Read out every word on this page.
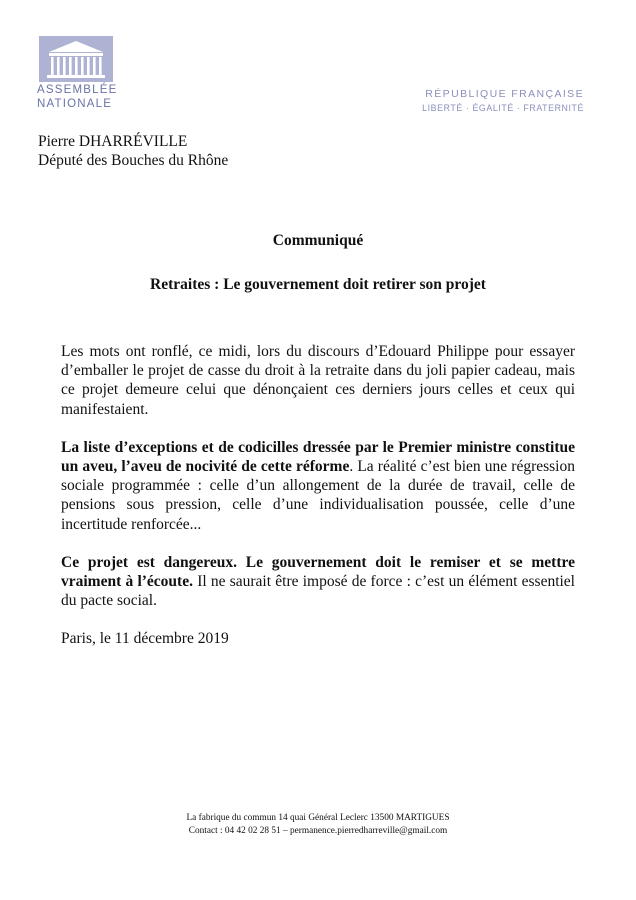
ASSEMBLÉE
NATIONALE
RÉPUBLIQUE FRANÇAISE
LIBERTÉ · ÉGALITÉ · FRATERNITÉ
Pierre DHARRÉVILLE
Député des Bouches du Rhône
Communiqué
Retraites : Le gouvernement doit retirer son projet

Les mots ont ronflé, ce midi, lors du discours d’Edouard Philippe pour essayer d’emballer le projet de casse du droit à la retraite dans du joli papier cadeau, mais ce projet demeure celui que dénonçaient ces derniers jours celles et ceux qui manifestaient.

La liste d’exceptions et de codicilles dressée par le Premier ministre constitue un aveu, l’aveu de nocivité de cette réforme. La réalité c’est bien une régression sociale programmée : celle d’un allongement de la durée de travail, celle de pensions sous pression, celle d’une individualisation poussée, celle d’une incertitude renforcée...

Ce projet est dangereux. Le gouvernement doit le remiser et se mettre vraiment à l’écoute. Il ne saurait être imposé de force : c’est un élément essentiel du pacte social.

Paris, le 11 décembre 2019

La fabrique du commun 14 quai Général Leclerc 13500 MARTIGUES
Contact : 04 42 02 28 51 – permanence.pierredharreville@gmail.com
